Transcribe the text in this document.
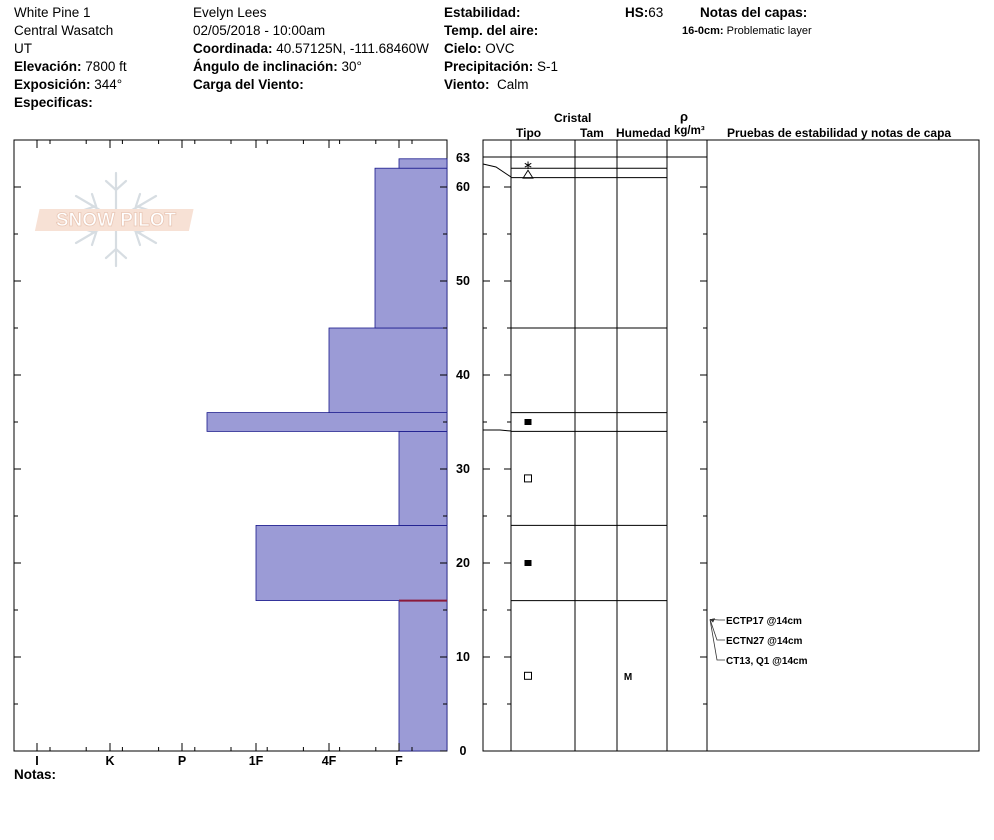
White Pine 1
Central Wasatch
UT
Elevación: 7800 ft
Exposición: 344°
Especificas:
Evelyn Lees
02/05/2018 - 10:00am
Coordinada: 40.57125N, -111.68460W
Ángulo de inclinación: 30°
Carga del Viento:
Estabilidad:
Temp. del aire:
Cielo: OVC
Precipitación: S-1
Viento: Calm
HS:63	Notas del capas:
16-0cm: Problematic layer
Cristal
Tipo	Tam Humedad
ρ
kg/m³ Pruebas de estabilidad y notas de capa
Notas:
SNOW PILOT
I	K	P	1F	4F	F
0
10
20
30
40
50
60
63
∗
M
ECTP17 @14cm
ECTN27 @14cm
CT13, Q1 @14cm
